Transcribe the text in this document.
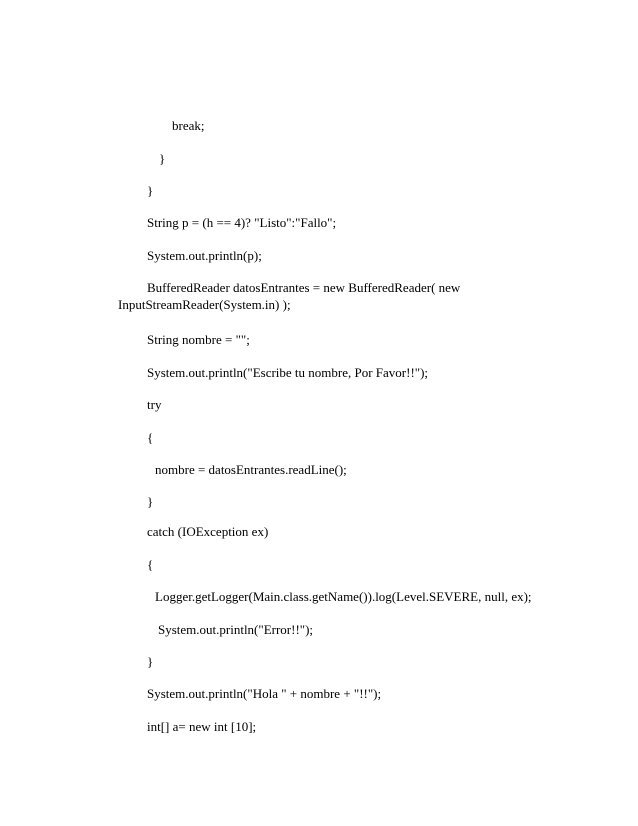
break;

}

}

String p = (h == 4)? "Listo":"Fallo";

System.out.println(p);

BufferedReader datosEntrantes = new BufferedReader( new

InputStreamReader(System.in) );

String nombre = "";

System.out.println("Escribe tu nombre, Por Favor!!");

try

{

nombre = datosEntrantes.readLine();

}

catch (IOException ex)

{

Logger.getLogger(Main.class.getName()).log(Level.SEVERE, null, ex);

System.out.println("Error!!");

}

System.out.println("Hola " + nombre + "!!");

int[] a= new int [10];
